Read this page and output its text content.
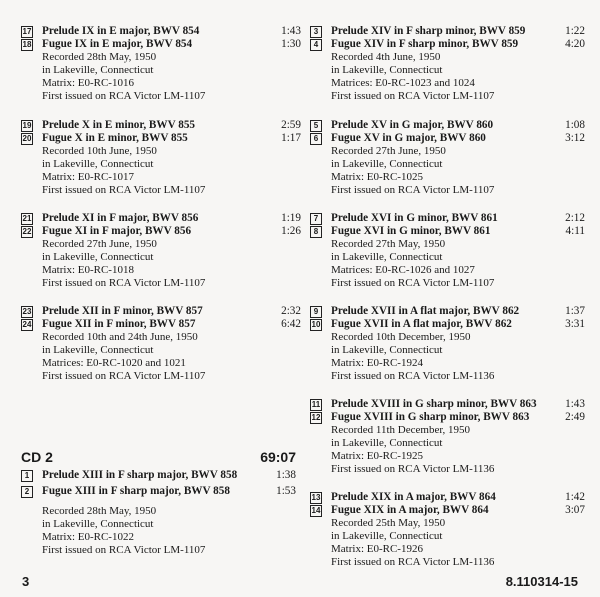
17 Prelude IX in E major, BWV 854	1:43
18 Fugue IX in E major, BWV 854	1:30
Recorded 28th May, 1950
in Lakeville, Connecticut
Matrix: E0-RC-1016
First issued on RCA Victor LM-1107
19 Prelude X in E minor, BWV 855	2:59
20 Fugue X in E minor, BWV 855	1:17
Recorded 10th June, 1950
in Lakeville, Connecticut
Matrix: E0-RC-1017
First issued on RCA Victor LM-1107
21 Prelude XI in F major, BWV 856	1:19
22 Fugue XI in F major, BWV 856	1:26
Recorded 27th June, 1950
in Lakeville, Connecticut
Matrix: E0-RC-1018
First issued on RCA Victor LM-1107
23 Prelude XII in F minor, BWV 857	2:32
24 Fugue XII in F minor, BWV 857	6:42
Recorded 10th and 24th June, 1950
in Lakeville, Connecticut
Matrices: E0-RC-1020 and 1021
First issued on RCA Victor LM-1107
CD 2	69:07
1	Prelude XIII in F sharp major, BWV 858	1:38
2	Fugue XIII in F sharp major, BWV 858	1:53
Recorded 28th May, 1950
in Lakeville, Connecticut
Matrix: E0-RC-1022
First issued on RCA Victor LM-1107
3	Prelude XIV in F sharp minor, BWV 859	1:22
4	Fugue XIV in F sharp minor, BWV 859	4:20
Recorded 4th June, 1950
in Lakeville, Connecticut
Matrices: E0-RC-1023 and 1024
First issued on RCA Victor LM-1107
5	Prelude XV in G major, BWV 860	1:08
6	Fugue XV in G major, BWV 860	3:12
Recorded 27th June, 1950
in Lakeville, Connecticut
Matrix: E0-RC-1025
First issued on RCA Victor LM-1107
7	Prelude XVI in G minor, BWV 861	2:12
8	Fugue XVI in G minor, BWV 861	4:11
Recorded 27th May, 1950
in Lakeville, Connecticut
Matrices: E0-RC-1026 and 1027
First issued on RCA Victor LM-1107
9	Prelude XVII in A flat major, BWV 862	1:37
10 Fugue XVII in A flat major, BWV 862	3:31
Recorded 10th December, 1950
in Lakeville, Connecticut
Matrix: E0-RC-1924
First issued on RCA Victor LM-1136
11 Prelude XVIII in G sharp minor, BWV 863	1:43
12 Fugue XVIII in G sharp minor, BWV 863	2:49
Recorded 11th December, 1950
in Lakeville, Connecticut
Matrix: E0-RC-1925
First issued on RCA Victor LM-1136
13 Prelude XIX in A major, BWV 864	1:42
14 Fugue XIX in A major, BWV 864	3:07
Recorded 25th May, 1950
in Lakeville, Connecticut
Matrix: E0-RC-1926
First issued on RCA Victor LM-1136
3	8.110314-15
